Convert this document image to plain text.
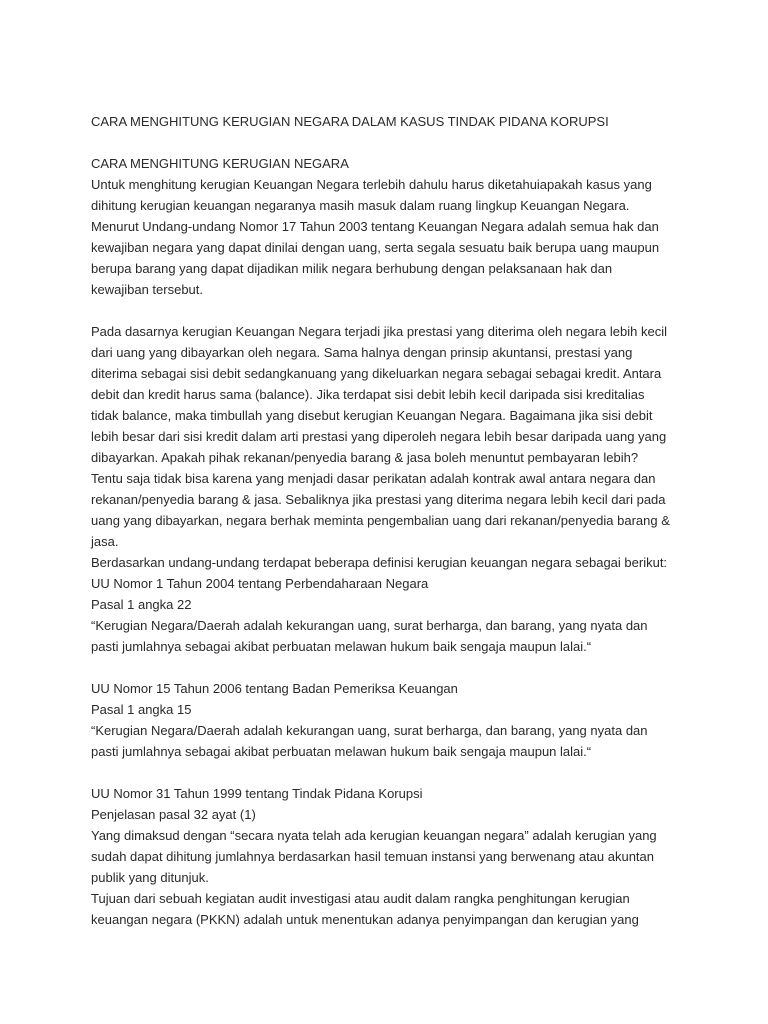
CARA MENGHITUNG KERUGIAN NEGARA DALAM KASUS TINDAK PIDANA KORUPSI
CARA MENGHITUNG KERUGIAN NEGARA
Untuk menghitung kerugian Keuangan Negara terlebih dahulu harus diketahuiapakah kasus yang
dihitung kerugian keuangan negaranya masih masuk dalam ruang lingkup Keuangan Negara.
Menurut Undang-undang Nomor 17 Tahun 2003 tentang Keuangan Negara adalah semua hak dan
kewajiban negara yang dapat dinilai dengan uang, serta segala sesuatu baik berupa uang maupun
berupa barang yang dapat dijadikan milik negara berhubung dengan pelaksanaan hak dan
kewajiban tersebut.
Pada dasarnya kerugian Keuangan Negara terjadi jika prestasi yang diterima oleh negara lebih kecil
dari uang yang dibayarkan oleh negara. Sama halnya dengan prinsip akuntansi, prestasi yang
diterima sebagai sisi debit sedangkanuang yang dikeluarkan negara sebagai sebagai kredit. Antara
debit dan kredit harus sama (balance). Jika terdapat sisi debit lebih kecil daripada sisi kreditalias
tidak balance, maka timbullah yang disebut kerugian Keuangan Negara. Bagaimana jika sisi debit
lebih besar dari sisi kredit dalam arti prestasi yang diperoleh negara lebih besar daripada uang yang
dibayarkan. Apakah pihak rekanan/penyedia barang & jasa boleh menuntut pembayaran lebih?
Tentu saja tidak bisa karena yang menjadi dasar perikatan adalah kontrak awal antara negara dan
rekanan/penyedia barang & jasa. Sebaliknya jika prestasi yang diterima negara lebih kecil dari pada
uang yang dibayarkan, negara berhak meminta pengembalian uang dari rekanan/penyedia barang &
jasa.
Berdasarkan undang-undang terdapat beberapa definisi kerugian keuangan negara sebagai berikut:
UU Nomor 1 Tahun 2004 tentang Perbendaharaan Negara
Pasal 1 angka 22
“Kerugian Negara/Daerah adalah kekurangan uang, surat berharga, dan barang, yang nyata dan
pasti jumlahnya sebagai akibat perbuatan melawan hukum baik sengaja maupun lalai.“
UU Nomor 15 Tahun 2006 tentang Badan Pemeriksa Keuangan
Pasal 1 angka 15
“Kerugian Negara/Daerah adalah kekurangan uang, surat berharga, dan barang, yang nyata dan
pasti jumlahnya sebagai akibat perbuatan melawan hukum baik sengaja maupun lalai.“
UU Nomor 31 Tahun 1999 tentang Tindak Pidana Korupsi
Penjelasan pasal 32 ayat (1)
Yang dimaksud dengan “secara nyata telah ada kerugian keuangan negara” adalah kerugian yang
sudah dapat dihitung jumlahnya berdasarkan hasil temuan instansi yang berwenang atau akuntan
publik yang ditunjuk.
Tujuan dari sebuah kegiatan audit investigasi atau audit dalam rangka penghitungan kerugian
keuangan negara (PKKN) adalah untuk menentukan adanya penyimpangan dan kerugian yang
